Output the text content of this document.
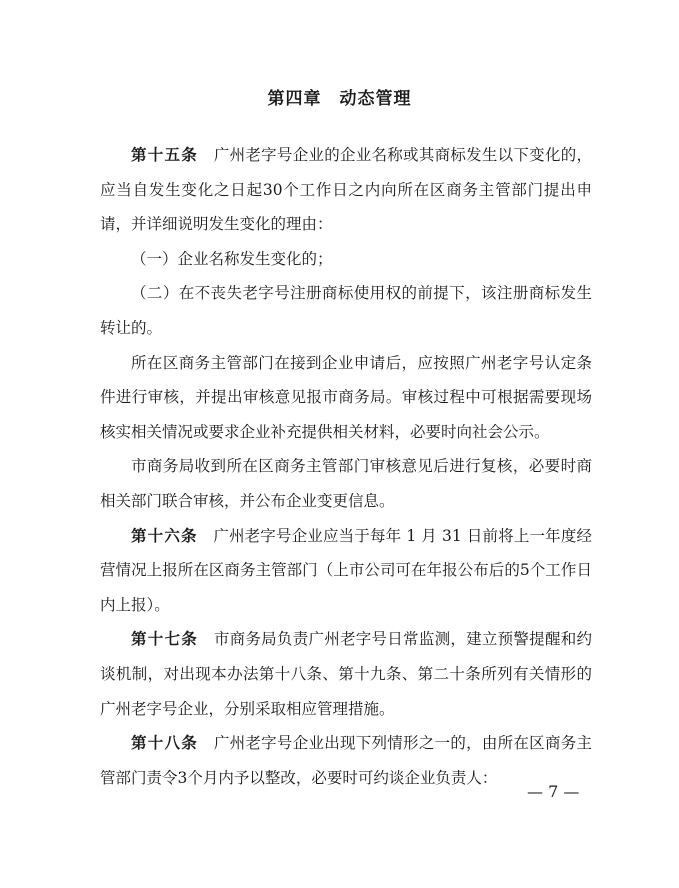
第四章　动态管理

第十五条　 广州老字号企业的企业名称或其商标发生以下变化的，应当自发生变化之日起30个工作日之内向所在区商务主管部门提出申请，并详细说明发生变化的理由：

（一）企业名称发生变化的；

（二）在不丧失老字号注册商标使用权的前提下，该注册商标发生转让的。

所在区商务主管部门在接到企业申请后，应按照广州老字号认定条件进行审核，并提出审核意见报市商务局。审核过程中可根据需要现场核实相关情况或要求企业补充提供相关材料，必要时向社会公示。

市商务局收到所在区商务主管部门审核意见后进行复核，必要时商相关部门联合审核，并公布企业变更信息。

第十六条　 广州老字号企业应当于每年 1 月 31 日前将上一年度经营情况上报所在区商务主管部门（上市公司可在年报公布后的5个工作日内上报）。

第十七条　 市商务局负责广州老字号日常监测，建立预警提醒和约谈机制，对出现本办法第十八条、第十九条、第二十条所列有关情形的广州老字号企业，分别采取相应管理措施。

第十八条　 广州老字号企业出现下列情形之一的，由所在区商务主管部门责令3个月内予以整改，必要时可约谈企业负责人：

— 7 —
